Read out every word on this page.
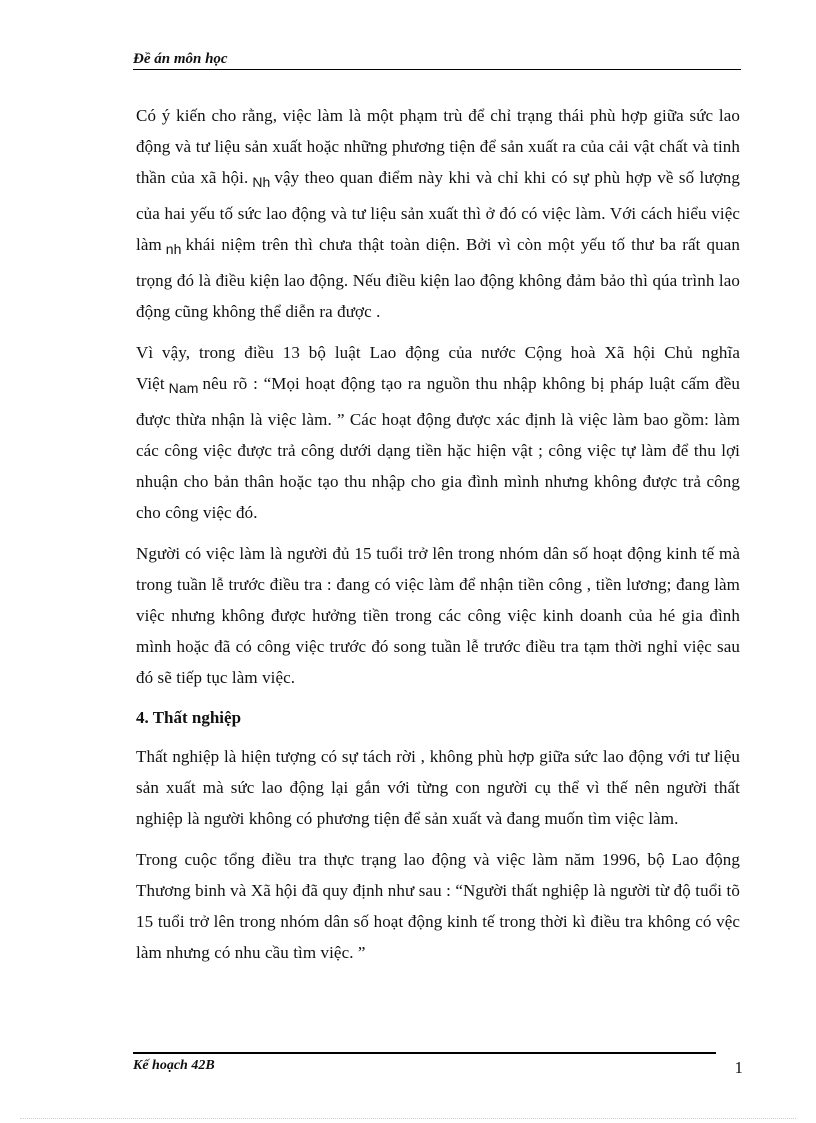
Đề án môn học

Có ý kiến cho rằng, việc làm là một phạm trù để chỉ trạng thái phù hợp giữa sức lao động và tư liệu sản xuất hoặc những phương tiện để sản xuất ra của cải vật chất và tinh thần của xã hội. $_{Nh}$ vậy theo quan điểm này khi và chỉ khi có sự phù hợp về số lượng của hai yếu tố sức lao động và tư liệu sản xuất thì ở đó có việc làm. Với cách hiểu việc làm $_{nh}$ khái niệm trên thì chưa thật toàn diện. Bởi vì còn một yếu tố thư ba rất quan trọng đó là điều kiện lao động. Nếu điều kiện lao động không đảm bảo thì qúa trình lao động cũng không thể diễn ra được .

Vì vậy, trong điều 13 bộ luật Lao động của nước Cộng hoà Xã hội Chủ nghĩa Việt $_{Nam}$ nêu rõ : “Mọi hoạt động tạo ra nguồn thu nhập không bị pháp luật cấm đều được thừa nhận là việc làm. ” Các hoạt động được xác định là việc làm bao gồm: làm các công việc được trả công dưới dạng tiền hặc hiện vật ; công việc tự làm để thu lợi nhuận cho bản thân hoặc tạo thu nhập cho gia đình mình nhưng không được trả công cho công việc đó.

Người có việc làm là người đủ 15 tuổi trở lên trong nhóm dân số hoạt động kinh tế mà trong tuần lễ trước điều tra : đang có việc làm để nhận tiền công , tiền lương; đang làm việc nhưng không được hưởng tiền trong các công việc kinh doanh của hé gia đình mình hoặc đã có công việc trước đó song tuần lễ trước điều tra tạm thời nghỉ việc sau đó sẽ tiếp tục làm việc.

4. Thất nghiệp

Thất nghiệp là hiện tượng có sự tách rời , không phù hợp giữa sức lao động với tư liệu sản xuất mà sức lao động lại gắn với từng con người cụ thể vì thế nên người thất nghiệp là người không có phương tiện để sản xuất và đang muốn tìm việc làm.

Trong cuộc tổng điều tra thực trạng lao động và việc làm năm 1996, bộ Lao động Thương binh và Xã hội đã quy định như sau : “Người thất nghiệp là người từ độ tuổi tõ 15 tuổi trở lên trong nhóm dân số hoạt động kinh tế trong thời kì điều tra không có vệc làm nhưng có nhu cầu tìm việc. ”

Kế hoạch 42B	1
